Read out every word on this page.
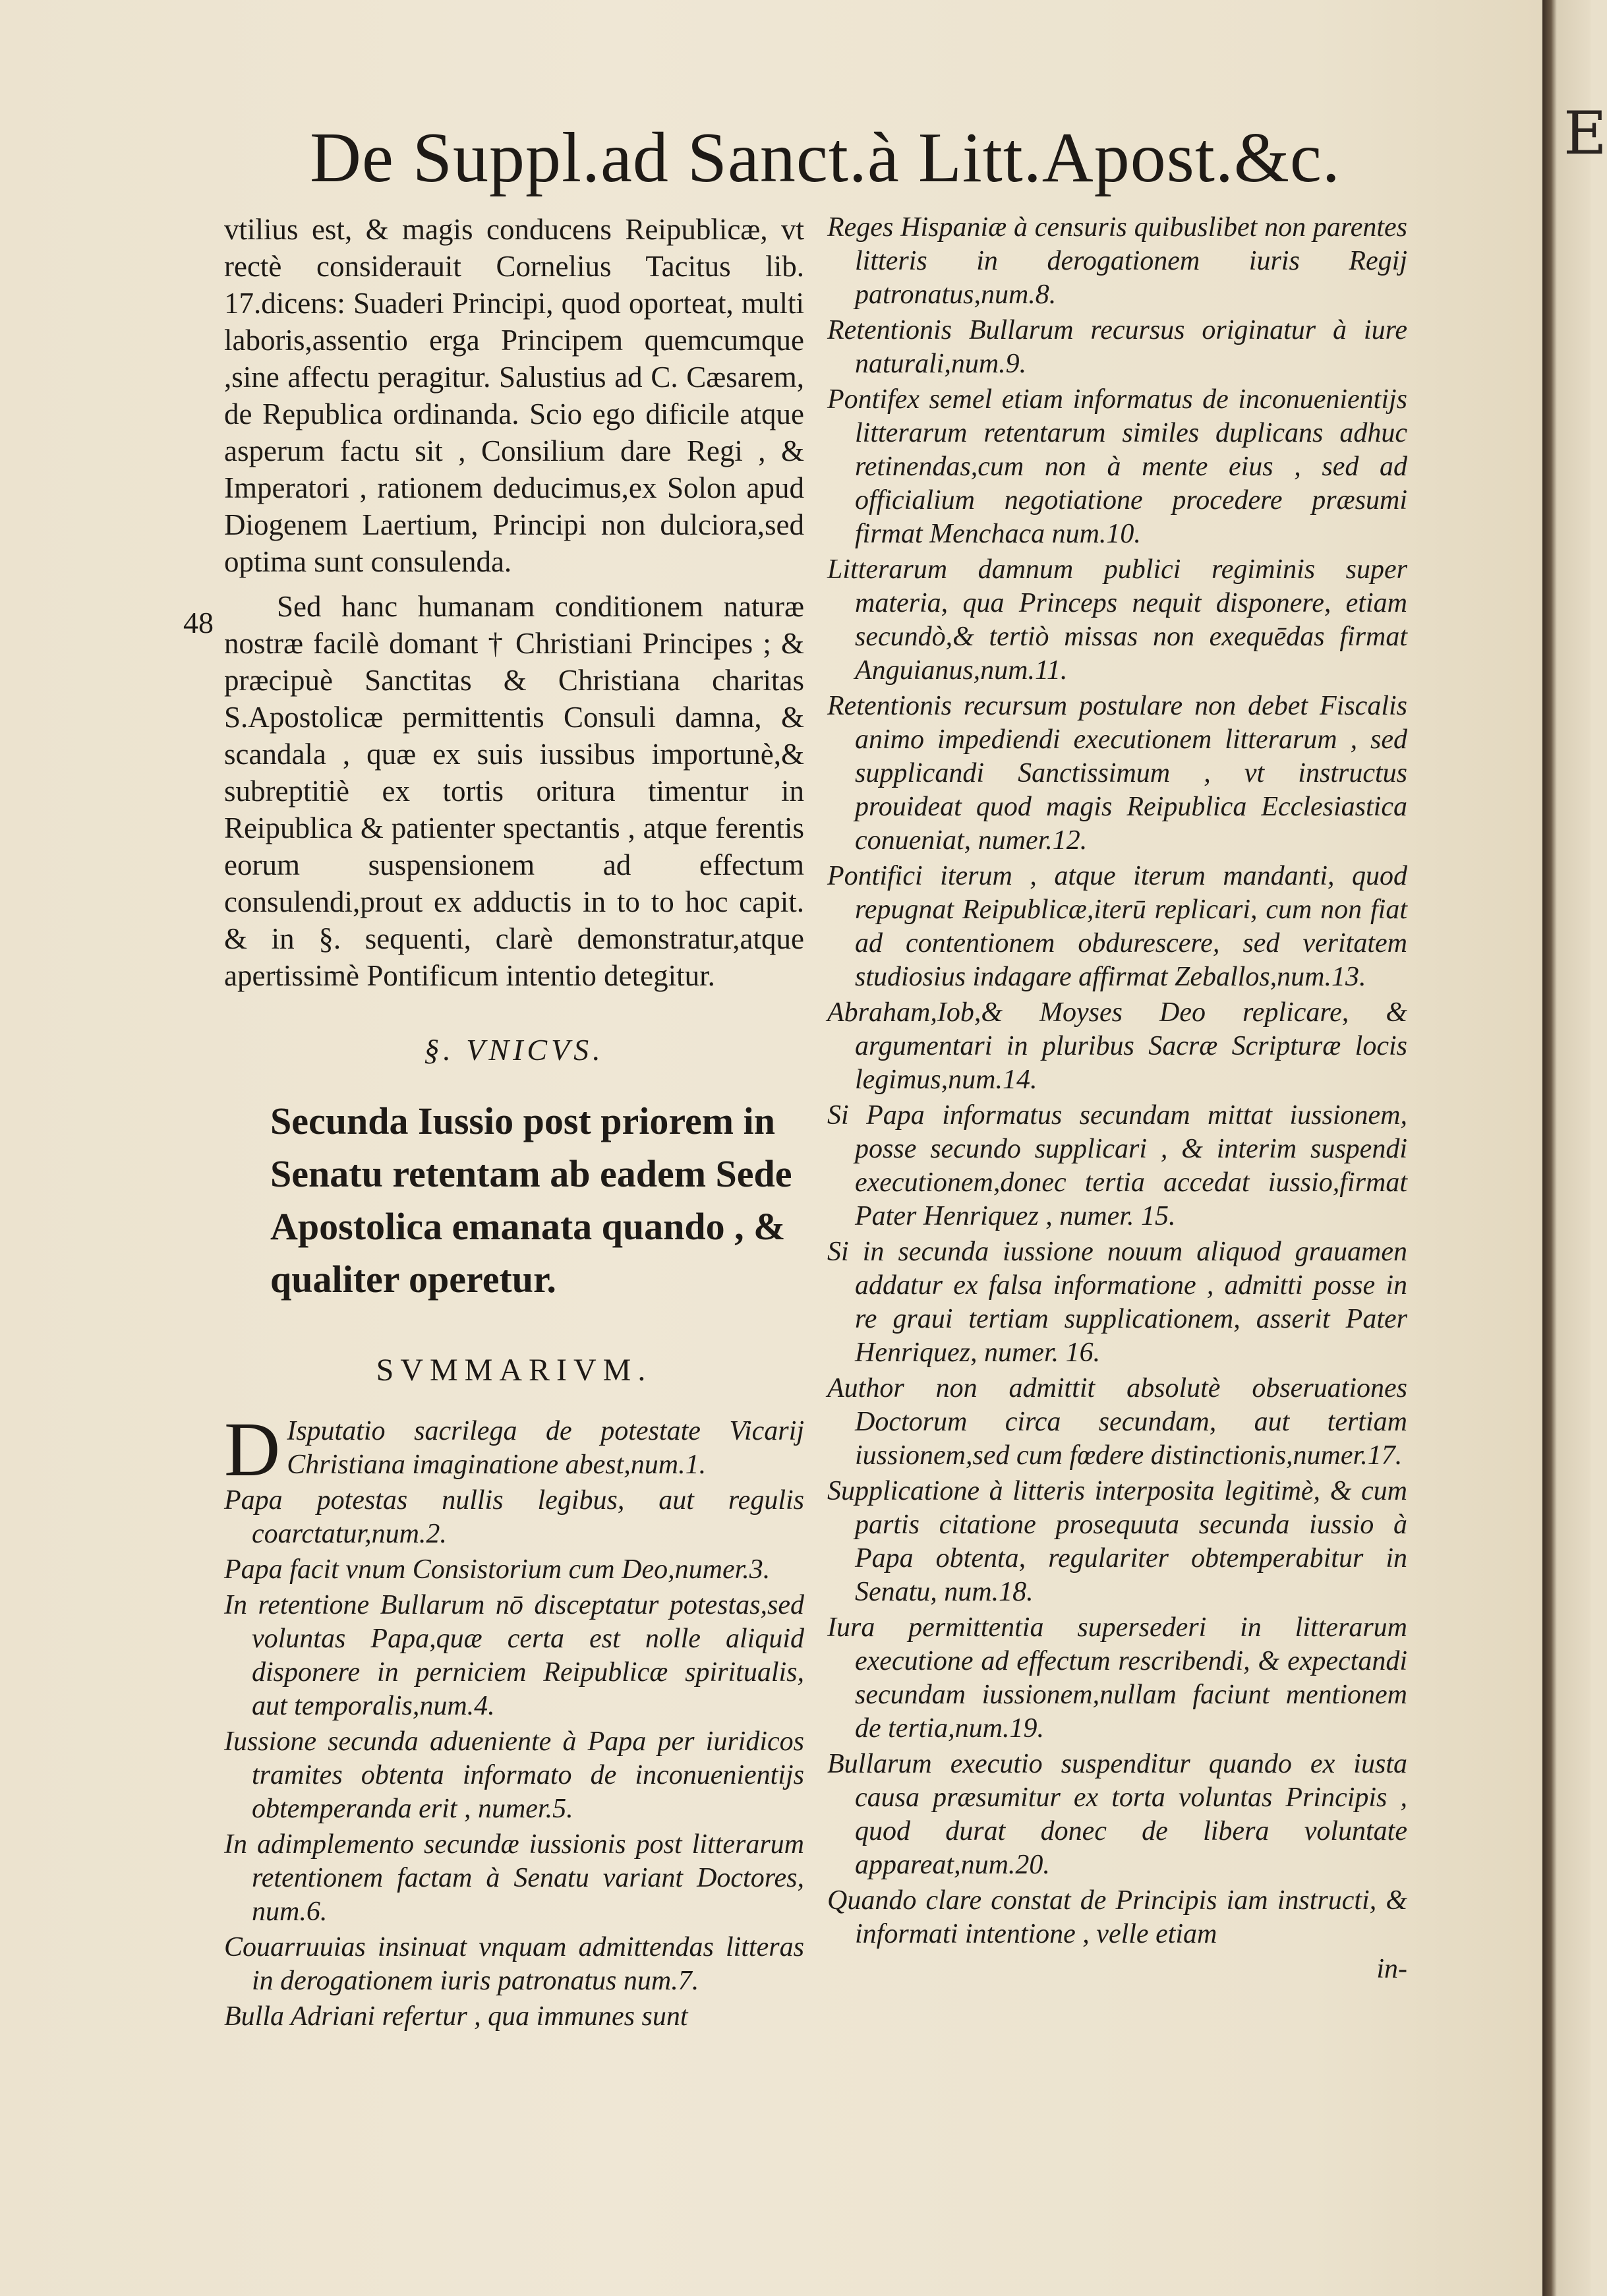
E
De Suppl.ad Sanct.à Litt.Apost.&c.
48

vtilius est, & magis conducens Reipublicæ, vt rectè considerauit Cornelius Tacitus lib. 17.dicens: Suaderi Principi, quod oporteat, multi laboris,assentio erga Principem quemcumque ,sine affectu peragitur. Salustius ad C. Cæsarem, de Republica ordinanda. Scio ego dificile atque asperum factu sit , Consilium dare Regi , & Imperatori , rationem deducimus,ex Solon apud Diogenem Laertium, Principi non dulciora,sed optima sunt consulenda.

Sed hanc humanam conditionem naturæ nostræ facilè domant † Christiani Principes ; & præcipuè Sanctitas & Christiana charitas S.Apostolicæ permittentis Consuli damna, & scandala , quæ ex suis iussibus importunè,& subreptitiè ex tortis oritura timentur in Reipublica & patienter spectantis , atque ferentis eorum suspensionem ad effectum consulendi,prout ex adductis in to to hoc capit. & in §. sequenti, clarè demonstratur,atque apertissimè Pontificum intentio detegitur.

§. VNICVS.
Secunda Iussio post priorem in Senatu retentam ab eadem Sede Apostolica emanata quando , & qualiter operetur.
SVMMARIVM.

D Isputatio sacrilega de potestate Vicarij Christiana imaginatione abest,num.1.

Papa potestas nullis legibus, aut regulis coarctatur,num.2.

Papa facit vnum Consistorium cum Deo,numer.3.

In retentione Bullarum nō disceptatur potestas,sed voluntas Papa,quæ certa est nolle aliquid disponere in perniciem Reipublicæ spiritualis, aut temporalis,num.4.

Iussione secunda adueniente à Papa per iuridicos tramites obtenta informato de inconuenientijs obtemperanda erit , numer.5.

In adimplemento secundæ iussionis post litterarum retentionem factam à Senatu variant Doctores, num.6.

Couarruuias insinuat vnquam admittendas litteras in derogationem iuris patronatus num.7.

Bulla Adriani refertur , qua immunes sunt

Reges Hispaniæ à censuris quibuslibet non parentes litteris in derogationem iuris Regij patronatus,num.8.

Retentionis Bullarum recursus originatur à iure naturali,num.9.

Pontifex semel etiam informatus de inconuenientijs litterarum retentarum similes duplicans adhuc retinendas,cum non à mente eius , sed ad officialium negotiatione procedere præsumi firmat Menchaca num.10.

Litterarum damnum publici regiminis super materia, qua Princeps nequit disponere, etiam secundò,& tertiò missas non exequēdas firmat Anguianus,num.11.

Retentionis recursum postulare non debet Fiscalis animo impediendi executionem litterarum , sed supplicandi Sanctissimum , vt instructus prouideat quod magis Reipublica Ecclesiastica conueniat, numer.12.

Pontifici iterum , atque iterum mandanti, quod repugnat Reipublicæ,iterū replicari, cum non fiat ad contentionem obdurescere, sed veritatem studiosius indagare affirmat Zeballos,num.13.

Abraham,Iob,& Moyses Deo replicare, & argumentari in pluribus Sacræ Scripturæ locis legimus,num.14.

Si Papa informatus secundam mittat iussionem, posse secundo supplicari , & interim suspendi executionem,donec tertia accedat iussio,firmat Pater Henriquez , numer. 15.

Si in secunda iussione nouum aliquod grauamen addatur ex falsa informatione , admitti posse in re graui tertiam supplicationem, asserit Pater Henriquez, numer. 16.

Author non admittit absolutè obseruationes Doctorum circa secundam, aut tertiam iussionem,sed cum fœdere distinctionis,numer.17.

Supplicatione à litteris interposita legitimè, & cum partis citatione prosequuta secunda iussio à Papa obtenta, regulariter obtemperabitur in Senatu, num.18.

Iura permittentia supersederi in litterarum executione ad effectum rescribendi, & expectandi secundam iussionem,nullam faciunt mentionem de tertia,num.19.

Bullarum executio suspenditur quando ex iusta causa præsumitur ex torta voluntas Principis , quod durat donec de libera voluntate appareat,num.20.

Quando clare constat de Principis iam instructi, & informati intentione , velle etiam

in-
